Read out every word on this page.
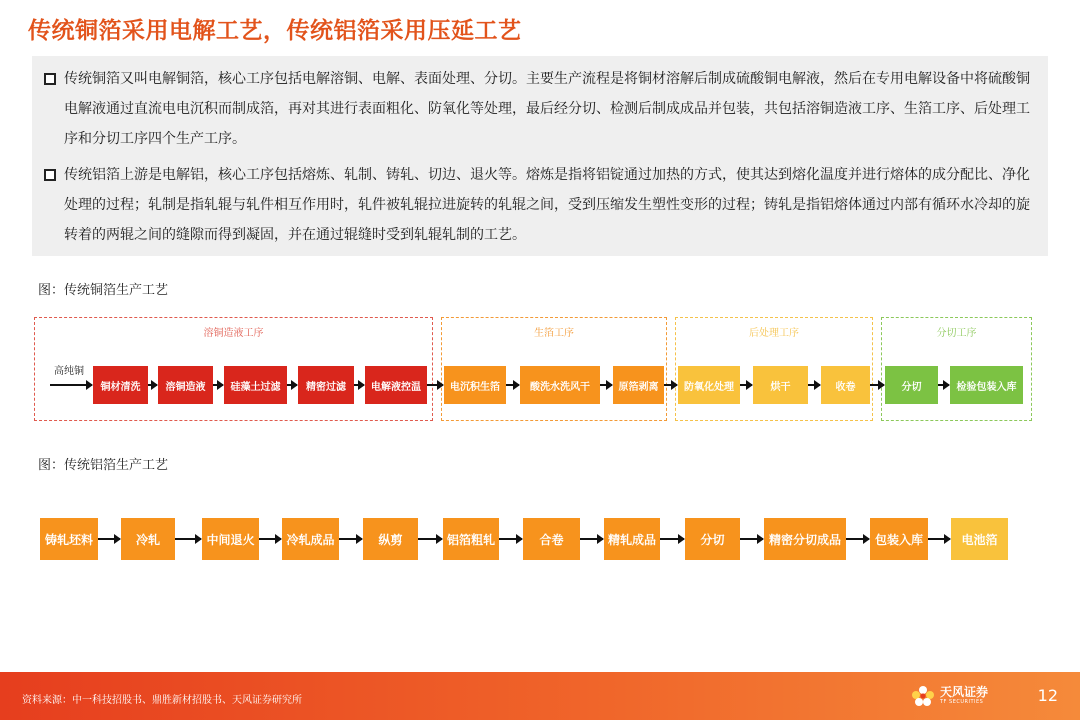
传统铜箔采用电解工艺，传统铝箔采用压延工艺
传统铜箔又叫电解铜箔，核心工序包括电解溶铜、电解、表面处理、分切。主要生产流程是将铜材溶解后制成硫酸铜电解液，然后在专用电解设备中将硫酸铜电解液通过直流电电沉积而制成箔，再对其进行表面粗化、防氧化等处理，最后经分切、检测后制成成品并包装，共包括溶铜造液工序、生箔工序、后处理工序和分切工序四个生产工序。
传统铝箔上游是电解铝，核心工序包括熔炼、轧制、铸轧、切边、退火等。熔炼是指将铝锭通过加热的方式，使其达到熔化温度并进行熔体的成分配比、净化处理的过程；轧制是指轧辊与轧件相互作用时，轧件被轧辊拉进旋转的轧辊之间，受到压缩发生塑性变形的过程；铸轧是指铝熔体通过内部有循环水冷却的旋转着的两辊之间的缝隙而得到凝固，并在通过辊缝时受到轧辊轧制的工艺。
图：传统铜箔生产工艺
高纯铜
溶铜造液工序
铜材清洗	溶铜造液	硅藻土过滤	精密过滤	电解液控温
生箔工序
电沉积生箔	酸洗水洗风干	原箔剥离
后处理工序
防氧化处理	烘干	收卷
分切工序
分切	检验包装入库
图：传统铝箔生产工艺
铸轧坯料	冷轧	中间退火	冷轧成品	纵剪	铝箔粗轧	合卷	精轧成品	分切	精密分切成品	包装入库	电池箔
资料来源：中一科技招股书、鼎胜新材招股书、天风证券研究所
天风证券
TF SECURITIES	12
